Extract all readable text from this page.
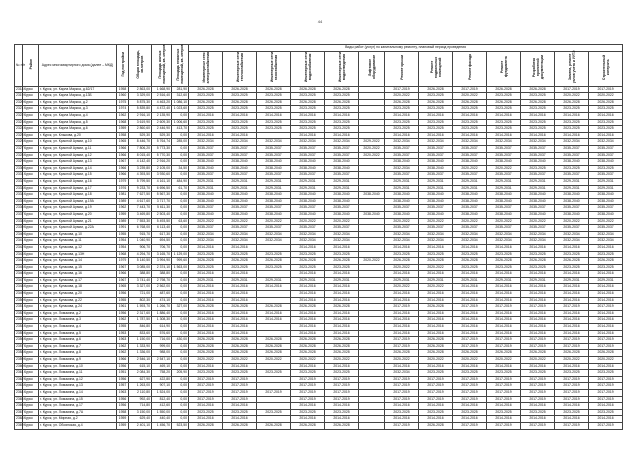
44
№ п/п	Район	Адрес многоквартирного дома (далее – МКД)	Год постройки	Общая площадь, кв.метров	Площадь жилых помещений, кв. метров	Площадь нежилых помещений, кв. метров	Виды работ (услуг) по капитальному ремонту, плановый период проведения												
							Инженерные сети электроснабжения	Инженерные сети теплоснабжения	Инженерные сети газоснабжения	Инженерные сети водоснабжения	Инженерные сети водоотведения	Лифтовое оборудование	Ремонт крыши	Ремонт подвальных помещений	Ремонт фасада	Ремонт фундамента	Разработка проектной документации	Замена, ремонт узлов учета и УУТЭ	Строительный контроль
2318	Курск	г. Курск, ул. Карла Маркса, д.62/17	1958	2 863,00	1 668,90	281,90	2026-2028	2026-2028	2026-2028	2026-2028	2026-2028		2017-2019	2026-2028	2017-2019	2026-2028	2026-2028	2017-2019	2017-2019
2319	Курск	г. Курск, ул. Карла Маркса, д.13Б	1960	3 329,00	2 516,40	312,60	2023-2025	2023-2025	2023-2025	2023-2025	2023-2025		2020-2022	2023-2025	2020-2022	2023-2025	2023-2025	2020-2022	2020-2022
2320	Курск	г. Курск, ул. Карла Маркса, д.2	1975	5 875,30	4 463,20	1 086,10	2026-2028	2026-2028	2026-2028	2026-2028	2026-2028		2026-2028	2026-2028	2026-2028	2026-2028	2026-2028	2026-2028	2026-2028
2321	Курск	г. Курск, ул. Карла Маркса, д.3	1974	5 839,80	4 472,40	1 023,60	2023-2025	2023-2025	2023-2025	2023-2025	2023-2025		2023-2025	2023-2025	2023-2025	2023-2025	2023-2025	2023-2025	2023-2025
2322	Курск	г. Курск, ул. Карла Маркса, д.4	1962	2 916,10	2 135,90	0,00	2014-2016	2014-2016	2014-2016	2014-2016	2014-2016		2014-2016	2014-2016	2014-2016	2014-2016	2014-2016	2014-2016	2014-2016
2323	Курск	г. Курск, ул. Карла Маркса, д.5	1968	3 619,90	2 609,30	1 006,60	2023-2025	2023-2025	2023-2025	2023-2025	2023-2025		2023-2025	2023-2025	2023-2025	2023-2025	2023-2025	2023-2025	2023-2025
2324	Курск	г. Курск, ул. Карла Маркса, д.6	1959	2 860,60	2 446,90	413,70	2023-2025	2023-2025	2023-2025	2023-2025	2023-2025		2023-2025	2023-2025	2023-2025	2023-2025	2023-2025	2023-2025	2023-2025
2325	Курск	г. Курск, ул. Клыкова, д.20	1958	529,30	529,30	0,00	2014-2016	2014-2016		2014-2016	2014-2016		2014-2016	2014-2016	2014-2016	2014-2016	2014-2016	2014-2016	2014-2016
2326	Курск	г. Курск, ул. Красной Армии, д.10	1965	8 446,70	5 764,74	285,00	2032-2034	2032-2034	2032-2034	2032-2034	2032-2034	2029-2022	2032-2034	2032-2034	2032-2034	2032-2034	2032-2034	2032-2034	2032-2034
2327	Курск	г. Курск, ул. Красной Армии, д.11	1966	7 806,20	5 773,30	0,00	2035-2037	2035-2037	2035-2037	2035-2037	2035-2037	2020-2022	2035-2037	2035-2037	2035-2037	2035-2037	2035-2037	2035-2037	2035-2037
2328	Курск	г. Курск, ул. Красной Армии, д.12	1966	8 015,40	5 770,30	0,00	2035-2037	2035-2037	2035-2037	2035-2037	2035-2037	2020-2022	2035-2037	2035-2037	2035-2037	2035-2037	2035-2037	2035-2037	2035-2037
2329	Курск	г. Курск, ул. Красной Армии, д.13	1967	4 142,40	2 916,20	0,00	2038-2040	2038-2040	2038-2040	2038-2040	2038-2040		2038-2040	2038-2040	2038-2040	2038-2040	2038-2040	2038-2040	2038-2040
2330	Курск	г. Курск, ул. Красной Армии, д.14	1966	3 239,80	2 105,00	34,50	2038-2040	2038-2040	2038-2040	2038-2040	2038-2040		2032-2034	2038-2040	2020-2022	2020-2022	2023-2025	2023-2025	2023-2025
2331	Курск	г. Курск, ул. Красной Армии, д.15	1966	4 393,50	3 930,60	0,00	2035-2037	2035-2037	2035-2037	2035-2037	2035-2037		2035-2037	2035-2037	2035-2037	2035-2037	2035-2037	2035-2037	2035-2037
2332	Курск	г. Курск, ул. Красной Армии, д.16	1979	5 799,50	4 161,10	484,90	2029-2031	2029-2031	2029-2031	2029-2031	2029-2031		2029-2031	2029-2031	2029-2031	2029-2031	2029-2031	2029-2031	2029-2031
2333	Курск	г. Курск, ул. Красной Армии, д.17	1976	9 233,70	6 696,50	61,70	2029-2031	2029-2031	2029-2031	2029-2031	2029-2031		2029-2031	2029-2031	2029-2031	2029-2031	2029-2031	2029-2031	2029-2031
2334	Курск	г. Курск, ул. Красной Армии, д.18	1981	7 627,50	5 567,30	0,00	2038-2040	2038-2040	2038-2040	2038-2040	2038-2040	2038-2040	2038-2040	2038-2040	2038-2040	2038-2040	2038-2040	2038-2040	2038-2040
2335	Курск	г. Курск, ул. Красной Армии, д.19А	1989	4 617,60	3 717,70	0,00	2038-2040	2038-2040	2038-2040	2038-2040	2038-2040		2038-2040	2038-2040	2038-2040	2038-2040	2038-2040	2038-2040	2038-2040
2336	Курск	г. Курск, ул. Красной Армии, д.19	1962	7 443,70	5 611,30	0,00	2035-2037	2035-2037	2035-2037	2035-2037	2035-2037		2035-2037	2035-2037	2035-2037	2035-2037	2035-2037	2035-2037	2035-2037
2337	Курск	г. Курск, ул. Красной Армии, д.20	1959	3 469,80	2 503,40	0,00	2038-2040	2038-2040	2038-2040	2038-2040	2038-2040	2038-2040	2038-2040	2038-2040	2038-2040	2038-2040	2038-2040	2038-2040	2038-2040
2338	Курск	г. Курск, ул. Красной Армии, д.21	1989	7 553,30	5 493,50	63,60	2020-2022	2020-2022	2020-2022	2020-2022	2020-2022		2020-2022	2020-2022	2020-2022	2020-2022	2020-2022	2020-2022	2020-2022
2339	Курск	г. Курск, ул. Красной Армии, д.22А	1991	6 768,00	6 113,40	0,00	2035-2037	2035-2037	2035-2037	2035-2037	2035-2037		2035-2037	2035-2037	2035-2037	2035-2037	2035-2037	2035-2037	2035-2037
2340	Курск	г. Курск, ул. Кулакова, д.10	1955	915,70	617,30	0,00	2032-2034	2032-2034	2032-2034	2032-2034	2032-2034		2032-2034	2032-2034	2032-2034	2032-2034	2032-2034	2032-2034	2032-2034
2341	Курск	г. Курск, ул. Кулакова, д.11	1954	1 040,90	694,50	0,00	2032-2034	2032-2034	2032-2034	2032-2034	2032-2034		2032-2034	2032-2034	2032-2034	2032-2034	2032-2034	2032-2034	2032-2034
2342	Курск	г. Курск, ул. Кулакова, д.12	1954	906,70	706,70	0,00	2014-2016	2014-2016		2014-2016	2014-2016		2014-2016	2014-2016	2014-2016	2014-2016	2014-2016	2014-2016	2014-2016
2343	Курск	г. Курск, ул. Кулакова, д.13Н	1968	4 294,70	3 165,70	1 129,00	2023-2025	2023-2025	2023-2025	2023-2025	2023-2025		2023-2025	2023-2025	2023-2025	2023-2025	2023-2025	2023-2025	2023-2025
2344	Курск	г. Курск, ул. Кулакова, д.14	1979	5 140,50	3 994,90	999,60	2026-2028	2026-2028	2026-2028	2026-2028	2026-2028	2020-2022	2026-2028	2026-2028	2026-2028	2026-2028	2026-2028	2026-2028	2026-2028
2345	Курск	г. Курск, ул. Кулакова, д.15	1967	3 085,00	2 374,10	1 563,00	2023-2025	2023-2025	2023-2025	2023-2025	2023-2025		2020-2022	2020-2022	2023-2025	2023-2025	2023-2025	2023-2025	2023-2025
2346	Курск	г. Курск, ул. Кулакова, д.16	1966	388,80	388,80	0,00	2014-2016	2014-2016		2014-2016	2014-2016		2014-2016	2014-2016	2014-2016	2014-2016	2014-2016	2014-2016	2014-2016
2347	Курск	г. Курск, ул. Кулакова, д.17	1967	3 741,40	2 798,70	0,00	2029-2031	2029-2031	2029-2031	2029-2031	2029-2031		2029-2031	2029-2031	2029-2031	2029-2031	2029-2031	2029-2031	2029-2031
2348	Курск	г. Курск, ул. Кулакова, д.18	1965	3 327,00	2 562,00	0,00	2014-2016	2014-2016	2014-2016	2014-2016	2014-2016		2020-2022	2020-2022	2014-2016	2014-2016	2014-2016	2014-2016	2014-2016
2349	Курск	г. Курск, ул. Кулакова, д.20	1956	721,00	487,60	0,00	2014-2016	2014-2016		2014-2016	2014-2016		2014-2016	2014-2016	2014-2016	2014-2016	2014-2016	2014-2016	2014-2016
2350	Курск	г. Курск, ул. Кулакова, д.22	1955	802,30	474,10	0,00	2014-2016	2014-2016		2014-2016	2014-2016		2014-2016	2014-2016	2014-2016	2014-2016	2014-2016	2014-2016	2014-2016
2351	Курск	г. Курск, ул. Кулакова, д.24	1961	1 593,70	1 266,70	327,00	2026-2028	2026-2028	2026-2028	2026-2028	2026-2028		2017-2019	2026-2028	2017-2019	2017-2019	2017-2019	2017-2019	2017-2019
2352	Курск	г. Курск, ул. Ломакина, д.2	1956	2 317,60	1 886,40	0,00	2014-2016	2014-2016	2014-2016	2014-2016	2014-2016		2014-2016	2014-2016	2014-2016	2014-2016	2014-2016	2014-2016	2014-2016
2353	Курск	г. Курск, ул. Ломакина, д.3	1962	1 787,50	1 308,30	0,00	2014-2016	2014-2016	2014-2016	2014-2016	2014-2016		2014-2016	2014-2016	2014-2016	2014-2016	2014-2016	2014-2016	2014-2016
2354	Курск	г. Курск, ул. Ломакина, д.4	1955	846,80	614,90	0,00	2014-2016	2014-2016		2014-2016	2014-2016		2014-2016	2014-2016	2014-2016	2014-2016	2014-2016	2014-2016	2014-2016
2355	Курск	г. Курск, ул. Ломакина, д.5	1953	833,60	576,60	0,00	2014-2016	2014-2016		2014-2016	2014-2016		2014-2016	2014-2016	2014-2016	2014-2016	2014-2016	2014-2016	2014-2016
2356	Курск	г. Курск, ул. Ломакина, д.6	1963	1 150,00	716,00	430,00	2026-2028	2026-2028	2026-2028	2026-2028	2026-2028		2017-2019	2026-2028	2017-2019	2017-2019	2017-2019	2017-2019	2017-2019
2357	Курск	г. Курск, ул. Ломакина, д.7	1962	1 333,90	999,00	0,00	2026-2028	2026-2028	2026-2028	2026-2028	2026-2028		2017-2019	2026-2028	2017-2019	2017-2019	2017-2019	2017-2019	2017-2019
2358	Курск	г. Курск, ул. Ломакина, д.8	1962	1 336,00	988,00	0,00	2026-2028	2026-2028	2026-2028	2026-2028	2026-2028		2026-2028	2026-2028	2026-2028	2026-2028	2026-2028	2026-2028	2026-2028
2359	Курск	г. Курск, ул. Ломакина, д.9	1966	2 546,10	2 547,10	0,00	2020-2022	2020-2022	2020-2022	2020-2022	2020-2022		2020-2022	2020-2022	2020-2022	2020-2022	2020-2022	2020-2022	2020-2022
2360	Курск	г. Курск, ул. Ломакина, д.10	1956	615,10	469,10	0,00	2014-2016	2014-2016		2014-2016	2014-2016		2014-2016	2014-2016	2014-2016	2014-2016	2014-2016	2014-2016	2014-2016
2361	Курск	г. Курск, ул. Ломакина, д.11	1951	2 084,30	758,20	205,90	2023-2025	2023-2025	2023-2025	2023-2025	2023-2025		2032-2034	2023-2025	2023-2025	2023-2025	2023-2025	2023-2025	2023-2025
2362	Курск	г. Курск, ул. Ломакина, д.12	1956	627,90	422,80	0,00	2017-2019	2017-2019		2017-2019	2017-2019		2017-2019	2017-2019	2017-2019	2017-2019	2017-2019	2017-2019	2017-2019
2363	Курск	г. Курск, ул. Ломакина, д.13	1957	1 263,00	907,10	0,00	2017-2019	2017-2019		2017-2019	2017-2019		2017-2019	2017-2019	2017-2019	2017-2019	2017-2019	2017-2019	2017-2019
2364	Курск	г. Курск, ул. Ломакина, д.14	1963	2 110,80	1 524,00	0,00	2017-2019	2017-2019	2017-2019	2017-2019	2017-2019		2017-2019	2017-2019	2017-2019	2017-2019	2017-2019	2017-2019	2017-2019
2365	Курск	г. Курск, ул. Ломакина, д.15	1956	992,40	812,40	0,00	2017-2019	2017-2019		2017-2019	2017-2019		2017-2019	2017-2019	2017-2019	2017-2019	2017-2019	2017-2019	2017-2019
2366	Курск	г. Курск, ул. Ломакина, д.17	1956	714,80	412,60	0,00	2014-2016	2014-2016		2014-2016	2014-2016		2014-2016	2014-2016	2014-2016	2014-2016	2014-2016	2014-2016	2014-2016
2367	Курск	г. Курск, ул. Ломакина, д.7А	1958	3 150,00	1 550,00	0,00	2023-2025	2023-2025	2023-2025	2023-2025	2023-2025		2023-2025	2023-2025	2023-2025	2023-2025	2023-2025	2023-2025	2023-2025
2368	Курск	г. Курск, ул. Мирная, д.2	1959	629,40	440,40	0,00	2014-2016	2014-2016		2014-2016	2014-2016		2014-2016	2014-2016	2014-2016	2014-2016	2014-2016	2014-2016	2014-2016
2369	Курск	г. Курск, ул. Обоянская, д.4	1959	2 401,10	1 456,70	523,50	2026-2028	2026-2028	2026-2028	2026-2028	2026-2028		2017-2019	2026-2028	2017-2019	2017-2019	2017-2019	2017-2019	2017-2019
